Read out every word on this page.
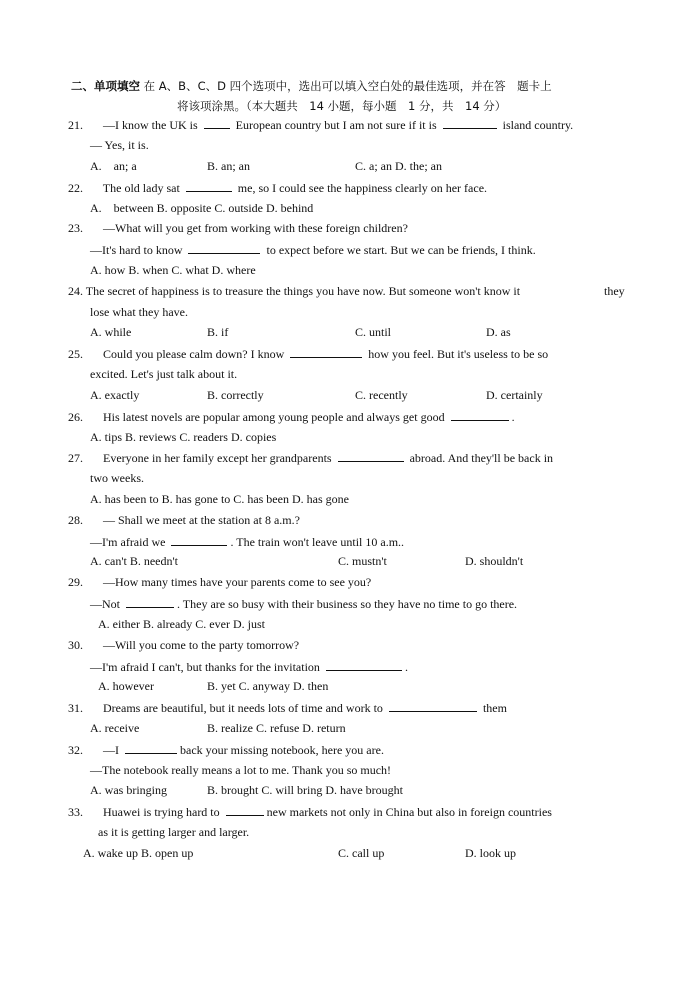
二、单项填空 在 A、B、C、D 四个选项中，选出可以填入空白处的最佳选项，并在答　题卡上
将该项涂黑。（本大题共　14 小题，每小题　1 分，共　14 分）
21. —I know the UK is	European country but I am not sure if it is	island country.
— Yes, it is.
A.　an; a	B. an; an	C. a; an D. the; an
22. The old lady sat	me, so I could see the happiness clearly on her face.
A.　between B. opposite C. outside D. behind
23. —What will you get from working with these foreign children?
—It's hard to know	to expect before we start. But we can be friends, I think.
A. how B. when C. what D. where
24. The secret of happiness is to treasure the things you have now. But someone won't know it	they
lose what they have.
A. while	B. if	C. until	D. as
25. Could you please calm down? I know	how you feel. But it's useless to be so
excited. Let's just talk about it.
A. exactly	B. correctly	C. recently	D. certainly
26. His latest novels are popular among young people and always get good	.
A. tips B. reviews C. readers D. copies
27. Everyone in her family except her grandparents	abroad. And they'll be back in
two weeks.
A. has been to B. has gone to C. has been D. has gone
28. — Shall we meet at the station at 8 a.m.?
—I'm afraid we	. The train won't leave until 10 a.m..
A. can't B. needn't	C. mustn't	D. shouldn't
29. —How many times have your parents come to see you?
—Not	. They are so busy with their business so they have no time to go there.
A. either B. already C. ever D. just
30. —Will you come to the party tomorrow?
—I'm afraid I can't, but thanks for the invitation	.
A. however	B. yet C. anyway D. then
31. Dreams are beautiful, but it needs lots of time and work to	them
A. receive	B. realize C. refuse D. return
32. —I	back your missing notebook, here you are.
—The notebook really means a lot to me. Thank you so much!
A. was bringing	B. brought C. will bring D. have brought
33. Huawei is trying hard to	new markets not only in China but also in foreign countries
as it is getting larger and larger.
A. wake up B. open up	C. call up	D. look up
